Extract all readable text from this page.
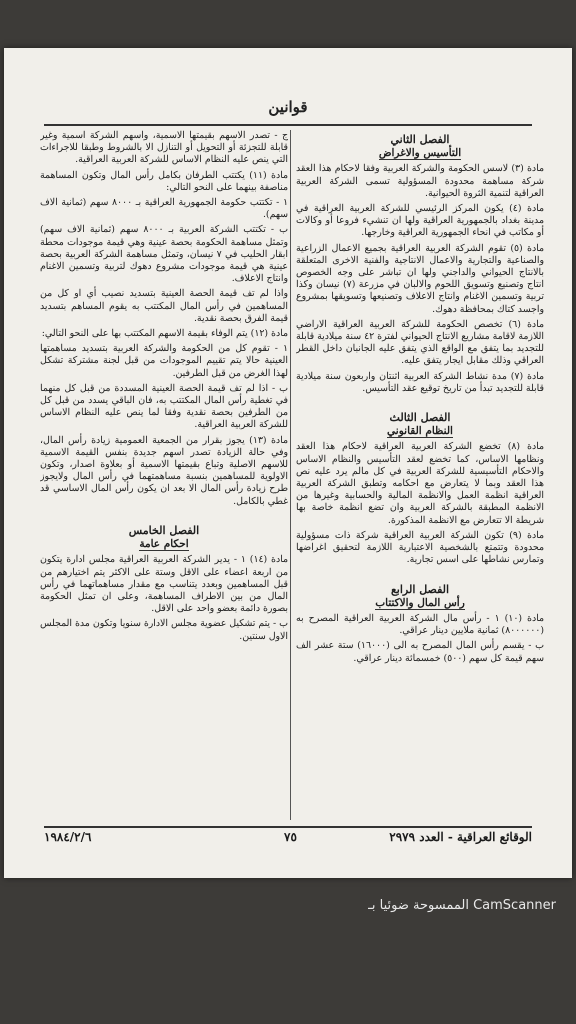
قوانين
الفصل الثاني
التأسيس والاغراض

مادة (٣) لاسس الحكومة والشركة العربية وفقا لاحكام هذا العقد شركة مساهمة محدودة المسؤولية تسمى الشركة العربية العراقية لتنمية الثروة الحيوانية.

مادة (٤) يكون المركز الرئيسي للشركة العربية العراقية في مدينة بغداد بالجمهورية العراقية ولها ان تنشيء فروعا أو وكالات أو مكاتب في انحاء الجمهورية العراقية وخارجها.

مادة (٥) تقوم الشركة العربية العراقية بجميع الاعمال الزراعية والصناعية والتجارية والاعمال الانتاجية والفنية الاخرى المتعلقة بالانتاج الحيواني والداجني ولها ان تباشر على وجه الخصوص انتاج وتصنيع وتسويق اللحوم والالبان في مزرعة (٧) نيسان وكذا تربية وتسمين الاغنام وانتاج الاعلاف وتصنيعها وتسويقها بمشروع واجسد كتاك بمحافظة دهوك.

مادة (٦) تخصص الحكومة للشركة العربية العراقية الاراضي اللازمة لاقامة مشاريع الانتاج الحيواني لفترة ٤٢ سنة ميلادية قابلة للتجديد بما يتفق مع الواقع الذي يتفق عليه الجانبان داخل القطر العراقي وذلك مقابل ايجار يتفق عليه.

مادة (٧) مدة نشاط الشركة العربية اثنتان واربعون سنة ميلادية قابلة للتجديد تبدأ من تاريخ توقيع عقد التأسيس.

الفصل الثالث
النظام القانوني

مادة (٨) تخضع الشركة العربية العراقية لاحكام هذا العقد ونظامها الاساس، كما تخضع لعقد التأسيس والنظام الاساس والاحكام التأسيسية للشركة العربية في كل مالم يرد عليه نص هذا العقد وبما لا يتعارض مع احكامه وتطبق الشركة العربية العراقية انظمة العمل والانظمة المالية والحسابية وغيرها من الانظمة المطبقة بالشركة العربية وان تضع انظمة خاصة بها شريطة الا تتعارض مع الانظمة المذكورة.

مادة (٩) تكون الشركة العربية العراقية شركة ذات مسؤولية محدودة وتتمتع بالشخصية الاعتبارية اللازمة لتحقيق اغراضها وتمارس نشاطها على اسس تجارية.

الفصل الرابع
رأس المال والاكتتاب

مادة (١٠) ١ - رأس مال الشركة العربية العراقية المصرح به (٨٠٠٠٠٠٠) ثمانية ملايين دينار عراقي.

ب - يقسم رأس المال المصرح به الى (١٦٠٠٠) ستة عشر الف سهم قيمة كل سهم (٥٠٠) خمسمائة دينار عراقي.

ج - تصدر الاسهم بقيمتها الاسمية، واسهم الشركة اسمية وغير قابلة للتجزئة أو التحويل أو التنازل الا بالشروط وطبقا للاجراءات التي ينص عليه النظام الاساس للشركة العربية العراقية.

مادة (١١) يكتتب الطرفان بكامل رأس المال وتكون المساهمة مناصفة بينهما على النحو التالي:

١ - تكتتب حكومة الجمهورية العراقية بـ ٨٠٠٠ سهم (ثمانية الاف سهم).

ب - تكتتب الشركة العربية بـ ٨٠٠٠ سهم (ثمانية الاف سهم) وتمثل مساهمة الحكومة بحصة عينية وهي قيمة موجودات محطة ابقار الحليب في ٧ نيسان، وتمثل مساهمة الشركة العربية بحصة عينية هي قيمة موجودات مشروع دهوك لتربية وتسمين الاغنام وانتاج الاعلاف.

واذا لم تف قيمة الحصة العينية بتسديد نصيب أي او كل من المساهمين في رأس المال المكتتب به يقوم المساهم بتسديد قيمة الفرق بحصة نقدية.

مادة (١٢) يتم الوفاء بقيمة الاسهم المكتتب بها على النحو التالي:

١ - تقوم كل من الحكومة والشركة العربية بتسديد مساهمتها العينية حالا يتم تقييم الموجودات من قبل لجنة مشتركة تشكل لهذا الغرض من قبل الطرفين.

ب - اذا لم تف قيمة الحصة العينية المسددة من قبل كل منهما في تغطية رأس المال المكتتب به، فان الباقي يسدد من قبل كل من الطرفين بحصة نقدية وفقا لما ينص عليه النظام الاساس للشركة العربية العراقية.

مادة (١٣) يجوز بقرار من الجمعية العمومية زيادة رأس المال، وفي حالة الزيادة تصدر اسهم جديدة بنفس القيمة الاسمية للاسهم الاصلية وتباع بقيمتها الاسمية أو بعلاوة اصدار، وتكون الاولوية للمساهمين بنسبة مساهمتهما في رأس المال ولايجوز طرح زيادة رأس المال الا بعد ان يكون رأس المال الاساسي قد غطي بالكامل.

الفصل الخامس
احكام عامة

مادة (١٤) ١ - يدير الشركة العربية العراقية مجلس ادارة يتكون من اربعة اعضاء على الاقل وستة على الاكثر يتم اختيارهم من قبل المساهمين وبعدد يتناسب مع مقدار مساهماتهما في رأس المال من بين الاطراف المساهمة، وعلى ان تمثل الحكومة بصورة دائمة بعضو واحد على الاقل.

ب - يتم تشكيل عضوية مجلس الادارة سنويا وتكون مدة المجلس الاول سنتين.

١٩٨٤/٢/٦	٧٥	الوقائع العراقية - العدد ٢٩٧٩
الممسوحة ضوئيا بـ CamScanner
